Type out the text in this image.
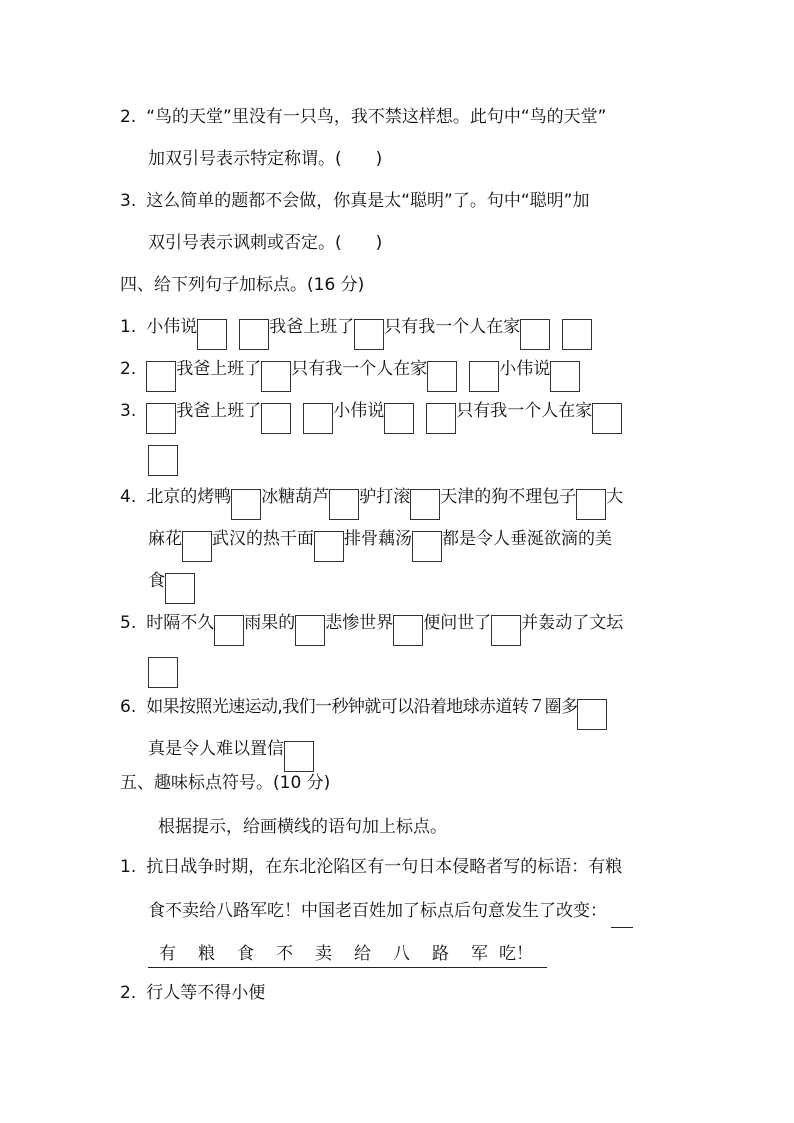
2. “鸟的天堂”里没有一只鸟，我不禁这样想。此句中“鸟的天堂”
加双引号表示特定称谓。(　　)
3. 这么简单的题都不会做，你真是太“聪明”了。句中“聪明”加
双引号表示讽刺或否定。(　　)
四、给下列句子加标点。(16 分)
1. 小伟说	我爸上班了 只有我一个人在家
2. 我爸上班了 只有我一个人在家	小伟说
3. 我爸上班了	小伟说	只有我一个人在家
4. 北京的烤鸭 冰糖葫芦 驴打滚 天津的狗不理包子 大
麻花 武汉的热干面 排骨藕汤 都是令人垂涎欲滴的美
食
5. 时隔不久 雨果的 悲惨世界 便问世了 并轰动了文坛
6. 如果按照光速运动,我们一秒钟就可以沿着地球赤道转７圈多
真是令人难以置信
五、趣味标点符号。(10 分)
根据提示，给画横线的语句加上标点。
1. 抗日战争时期，在东北沦陷区有一句日本侵略者写的标语：有粮
食不卖给八路军吃！中国老百姓加了标点后句意发生了改变：
有	粮	食	不	卖	给	八	路	军 吃！
2. 行人等不得小便
